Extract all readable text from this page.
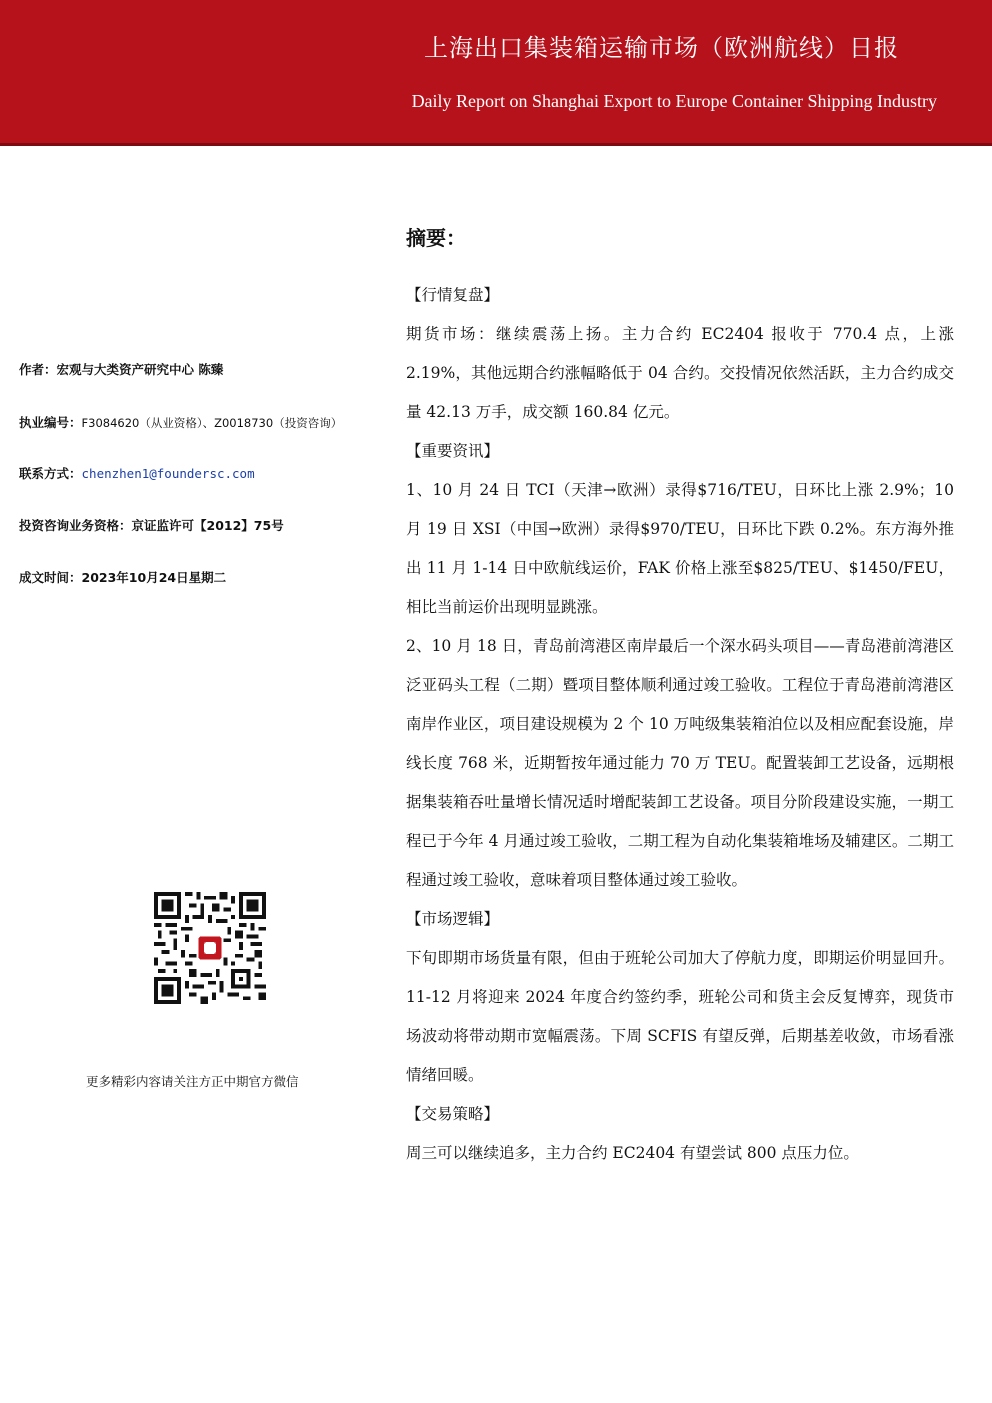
上海出口集装箱运输市场（欧洲航线）日报
Daily Report on Shanghai Export to Europe Container Shipping Industry
作者：宏观与大类资产研究中心 陈臻
执业编号：F3084620（从业资格）、Z0018730（投资咨询）
联系方式：chenzhen1@foundersc.com
投资咨询业务资格：京证监许可【2012】75号
成文时间：2023年10月24日星期二
更多精彩内容请关注方正中期官方微信
摘要：
【行情复盘】

期货市场：继续震荡上扬。主力合约 EC2404 报收于 770.4 点，上涨 2.19%，其他远期合约涨幅略低于 04 合约。交投情况依然活跃，主力合约成交量 42.13 万手，成交额 160.84 亿元。

【重要资讯】

1、10 月 24 日 TCI（天津→欧洲）录得$716/TEU，日环比上涨 2.9%；10 月 19 日 XSI（中国→欧洲）录得$970/TEU，日环比下跌 0.2%。东方海外推出 11 月 1-14 日中欧航线运价，FAK 价格上涨至$825/TEU、$1450/FEU，相比当前运价出现明显跳涨。

2、10 月 18 日，青岛前湾港区南岸最后一个深水码头项目——青岛港前湾港区泛亚码头工程（二期）暨项目整体顺利通过竣工验收。工程位于青岛港前湾港区南岸作业区，项目建设规模为 2 个 10 万吨级集装箱泊位以及相应配套设施，岸线长度 768 米，近期暂按年通过能力 70 万 TEU。配置装卸工艺设备，远期根据集装箱吞吐量增长情况适时增配装卸工艺设备。项目分阶段建设实施，一期工程已于今年 4 月通过竣工验收，二期工程为自动化集装箱堆场及辅建区。二期工程通过竣工验收，意味着项目整体通过竣工验收。

【市场逻辑】

下旬即期市场货量有限，但由于班轮公司加大了停航力度，即期运价明显回升。11-12 月将迎来 2024 年度合约签约季，班轮公司和货主会反复博弈，现货市场波动将带动期市宽幅震荡。下周 SCFIS 有望反弹，后期基差收敛，市场看涨情绪回暖。

【交易策略】

周三可以继续追多，主力合约 EC2404 有望尝试 800 点压力位。
